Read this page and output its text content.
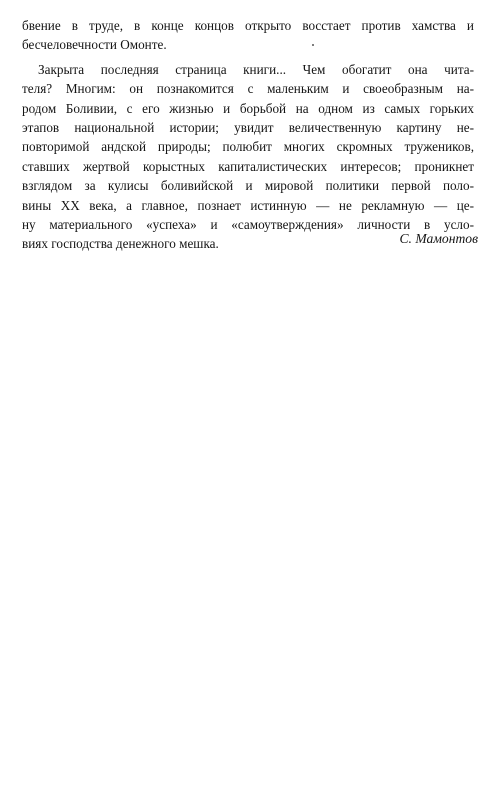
бвение в труде, в конце концов открыто восстает против хамства и
бесчеловечности Омонте.
Закрыта последняя страница книги... Чем обогатит она чита-
теля? Многим: он познакомится с маленьким и своеобразным на-
родом Боливии, с его жизнью и борьбой на одном из самых горьких
этапов национальной истории; увидит величественную картину не-
повторимой андской природы; полюбит многих скромных тружеников,
ставших жертвой корыстных капиталистических интересов; проникнет
взглядом за кулисы боливийской и мировой политики первой поло-
вины XX века, а главное, познает истинную — не рекламную — це-
ну материального «успеха» и «самоутверждения» личности в усло-
виях господства денежного мешка.	С. Мамонтов
